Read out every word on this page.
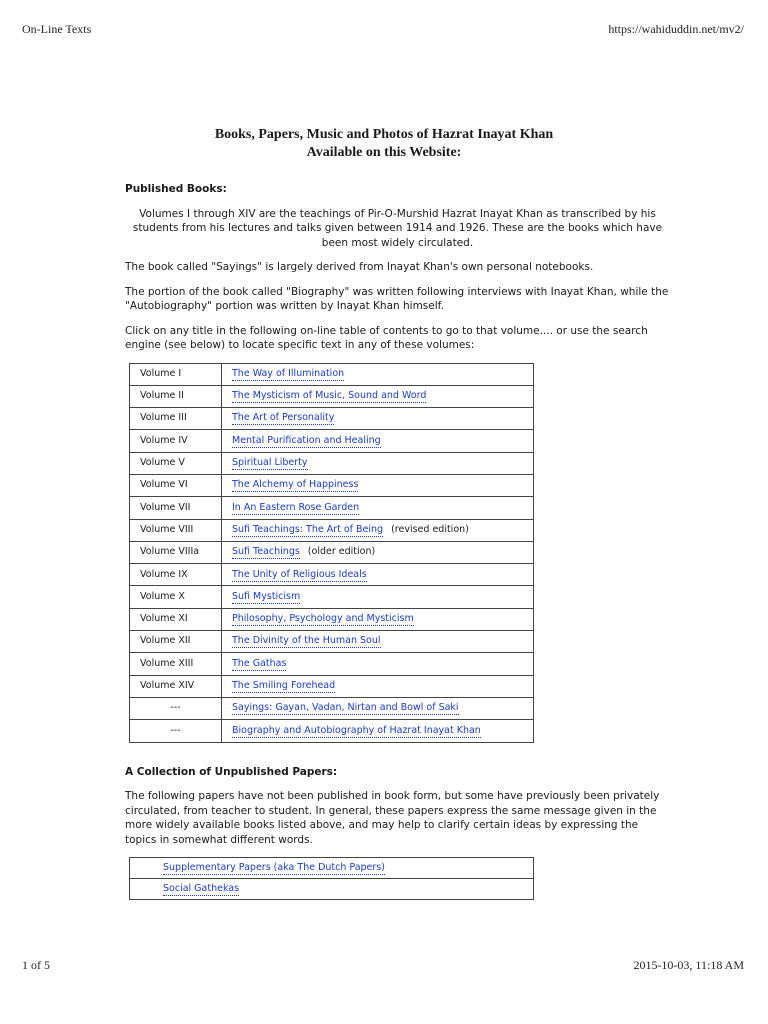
On-Line Texts	https://wahiduddin.net/mv2/
Books, Papers, Music and Photos of Hazrat Inayat Khan
Available on this Website:
Published Books:

Volumes I through XIV are the teachings of Pir-O-Murshid Hazrat Inayat Khan as transcribed by his students from his lectures and talks given between 1914 and 1926. These are the books which have been most widely circulated.

The book called "Sayings" is largely derived from Inayat Khan's own personal notebooks.

The portion of the book called "Biography" was written following interviews with Inayat Khan, while the "Autobiography" portion was written by Inayat Khan himself.

Click on any title in the following on-line table of contents to go to that volume.... or use the search engine (see below) to locate specific text in any of these volumes:

Volume I	The Way of Illumination
Volume II	The Mysticism of Music, Sound and Word
Volume III	The Art of Personality
Volume IV	Mental Purification and Healing
Volume V	Spiritual Liberty
Volume VI	The Alchemy of Happiness
Volume VII	In An Eastern Rose Garden
Volume VIII	Sufi Teachings: The Art of Being (revised edition)
Volume VIIIa	Sufi Teachings (older edition)
Volume IX	The Unity of Religious Ideals
Volume X	Sufi Mysticism
Volume XI	Philosophy, Psychology and Mysticism
Volume XII	The Divinity of the Human Soul
Volume XIII	The Gathas
Volume XIV	The Smiling Forehead
---	Sayings: Gayan, Vadan, Nirtan and Bowl of Saki
---	Biography and Autobiography of Hazrat Inayat Khan
A Collection of Unpublished Papers:

The following papers have not been published in book form, but some have previously been privately circulated, from teacher to student. In general, these papers express the same message given in the more widely available books listed above, and may help to clarify certain ideas by expressing the topics in somewhat different words.

Supplementary Papers (aka The Dutch Papers)
Social Gathekas
1 of 5	2015-10-03, 11:18 AM
